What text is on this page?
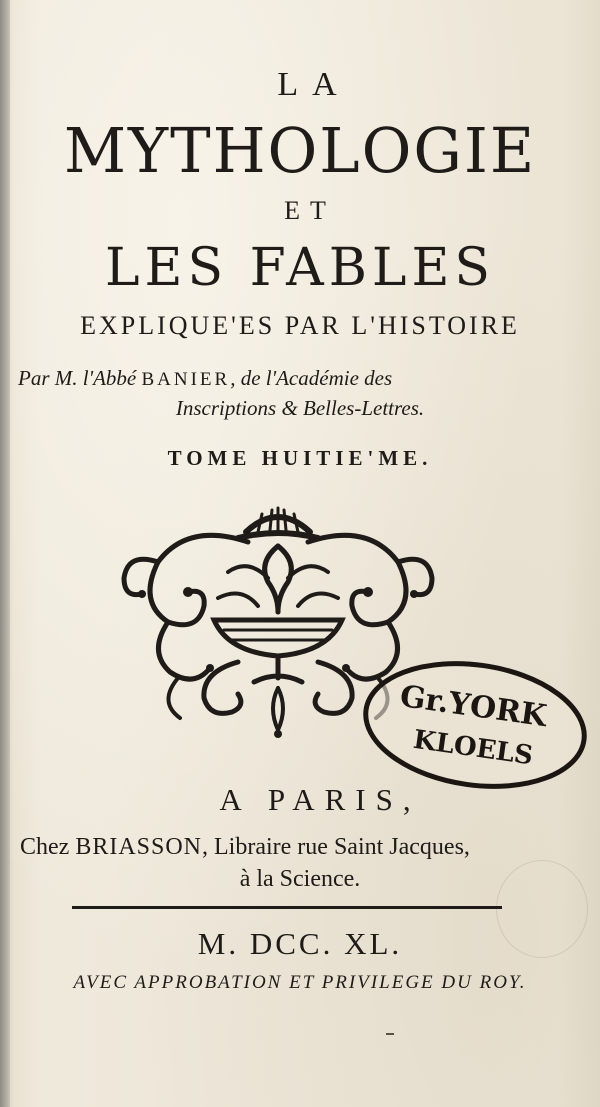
LA
MYTHOLOGIE
ET
LES FABLES
EXPLIQUE'ES PAR L'HISTOIRE
Par M. l'Abbé BANIER, de l'Académie des
Inscriptions & Belles-Lettres.
TOME HUITIE'ME.
Gr.YORK
KLOELS
A PARIS,
Chez BRIASSON, Libraire rue Saint Jacques,
à la Science.
M. DCC. XL.
AVEC APPROBATION ET PRIVILEGE DU ROY.
